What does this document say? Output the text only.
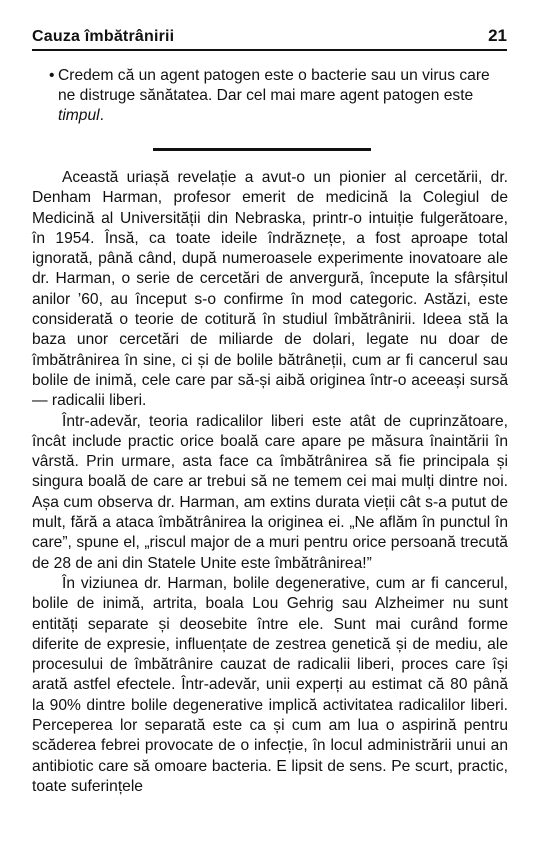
Cauza îmbătrânirii	21
• Credem că un agent patogen este o bacterie sau un virus care ne distruge sănătatea. Dar cel mai mare agent patogen este timpul.

Această uriașă revelație a avut-o un pionier al cercetării, dr. Denham Harman, profesor emerit de medicină la Colegiul de Medicină al Universității din Nebraska, printr-o intuiție fulgerătoare, în 1954. Însă, ca toate ideile îndrăznețe, a fost aproape total ignorată, până când, după numeroasele experimente inovatoare ale dr. Harman, o serie de cercetări de anvergură, începute la sfârșitul anilor ’60, au început s-o confirme în mod categoric. Astăzi, este considerată o teorie de cotitură în studiul îmbătrânirii. Ideea stă la baza unor cercetări de miliarde de dolari, legate nu doar de îmbătrânirea în sine, ci și de bolile bătrâneții, cum ar fi cancerul sau bolile de inimă, cele care par să-și aibă originea într-o aceeași sursă — radicalii liberi.

Într-adevăr, teoria radicalilor liberi este atât de cuprinzătoare, încât include practic orice boală care apare pe măsura înaintării în vârstă. Prin urmare, asta face ca îmbătrânirea să fie principala și singura boală de care ar trebui să ne temem cei mai mulți dintre noi. Așa cum observa dr. Harman, am extins durata vieții cât s-a putut de mult, fără a ataca îmbătrânirea la originea ei. „Ne aflăm în punctul în care”, spune el, „riscul major de a muri pentru orice persoană trecută de 28 de ani din Statele Unite este îmbătrânirea!”

În viziunea dr. Harman, bolile degenerative, cum ar fi cancerul, bolile de inimă, artrita, boala Lou Gehrig sau Alzheimer nu sunt entități separate și deosebite între ele. Sunt mai curând forme diferite de expresie, influențate de zestrea genetică și de mediu, ale procesului de îmbătrânire cauzat de radicalii liberi, proces care își arată astfel efectele. Într-adevăr, unii experți au estimat că 80 până la 90% dintre bolile degenerative implică activitatea radicalilor liberi. Perceperea lor separată este ca și cum am lua o aspirină pentru scăderea febrei provocate de o infecție, în locul administrării unui an antibiotic care să omoare bacteria. E lipsit de sens. Pe scurt, practic, toate suferințele
